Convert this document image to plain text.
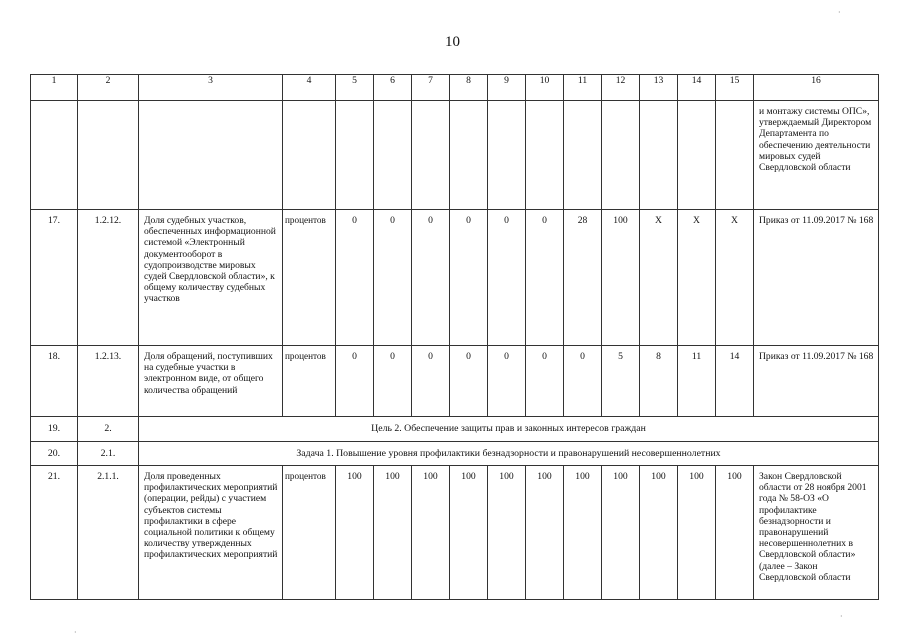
10
1	2	3	4	5	6	7	8	9	10	11	12	13	14	15	16
															и монтажу системы ОПС», утверждаемый Директором Департамента по обеспечению деятельности мировых судей Свердловской области
17.	1.2.12.	Доля судебных участков, обеспеченных информационной системой «Электронный документооборот в судопроизводстве мировых судей Свердловской области», к общему количеству судебных участков	процентов	0	0	0	0	0	0	28	100	Х	Х	Х	Приказ от 11.09.2017 № 168
18.	1.2.13.	Доля обращений, поступивших на судебные участки в электронном виде, от общего количества обращений	процентов	0	0	0	0	0	0	0	5	8	11	14	Приказ от 11.09.2017 № 168
19.	2.	Цель 2. Обеспечение защиты прав и законных интересов граждан													
20.	2.1.	Задача 1. Повышение уровня профилактики безнадзорности и правонарушений несовершеннолетних													
21.	2.1.1.	Доля проведенных профилактических мероприятий (операции, рейды) с участием субъектов системы профилактики в сфере социальной политики к общему количеству утвержденных профилактических мероприятий	процентов	100	100	100	100	100	100	100	100	100	100	100	Закон Свердловской области от 28 ноября 2001 года № 58-ОЗ «О профилактике безнадзорности и правонарушений несовершеннолетних в Свердловской области» (далее – Закон Свердловской области
·
·
·
